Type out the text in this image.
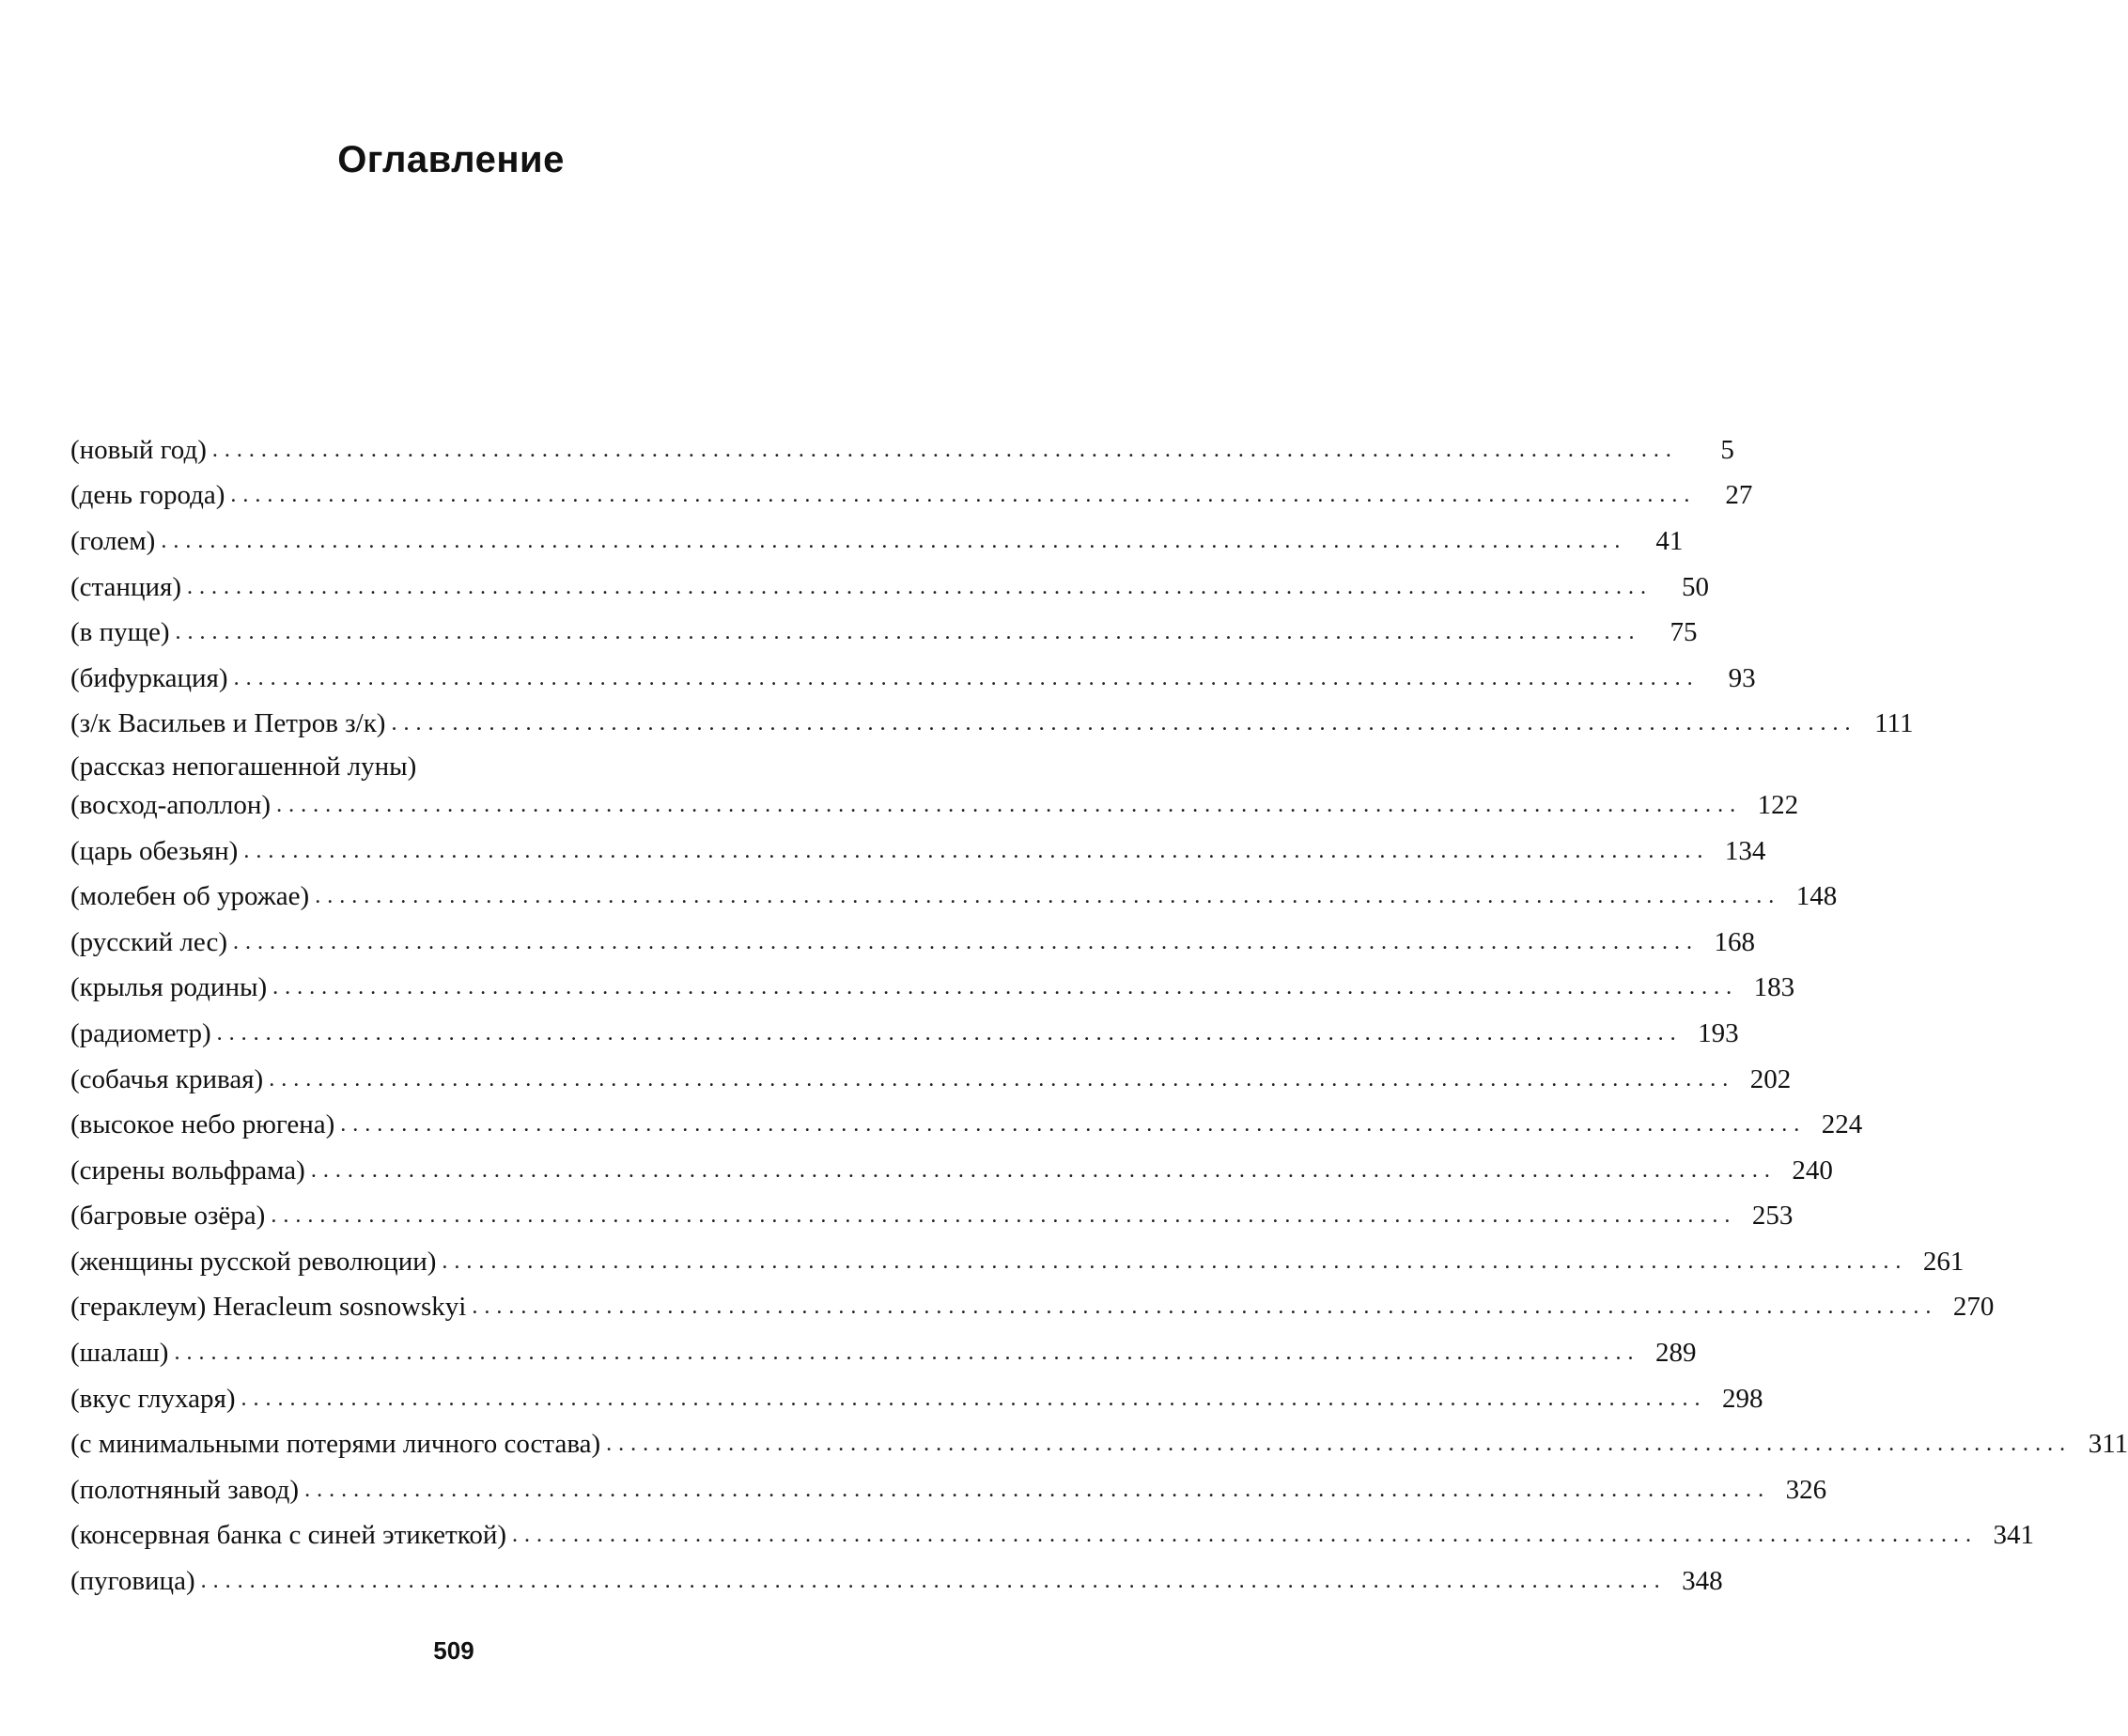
Оглавление
(новый год) ........................................................................................................................	5
(день города) ........................................................................................................................	27
(голем) ........................................................................................................................	41
(станция) ........................................................................................................................	50
(в пуще) ........................................................................................................................	75
(бифуркация) ........................................................................................................................	93
(з/к Васильев и Петров з/к) ........................................................................................................................ 111
(рассказ непогашенной луны)
(восход-аполлон) ........................................................................................................................ 122
(царь обезьян) ........................................................................................................................ 134
(молебен об урожае) ........................................................................................................................ 148
(русский лес) ........................................................................................................................ 168
(крылья родины) ........................................................................................................................ 183
(радиометр) ........................................................................................................................ 193
(собачья кривая) ........................................................................................................................ 202
(высокое небо рюгена) ........................................................................................................................ 224
(сирены вольфрама) ........................................................................................................................ 240
(багровые озёра) ........................................................................................................................ 253
(женщины русской революции) ........................................................................................................................ 261
(гераклеум) Heracleum sosnowskyi ........................................................................................................................ 270
(шалаш) ........................................................................................................................ 289
(вкус глухаря) ........................................................................................................................ 298
(с минимальными потерями личного состава) ........................................................................................................................ 311
(полотняный завод) ........................................................................................................................ 326
(консервная банка с синей этикеткой) ........................................................................................................................ 341
(пуговица) ........................................................................................................................ 348
509
